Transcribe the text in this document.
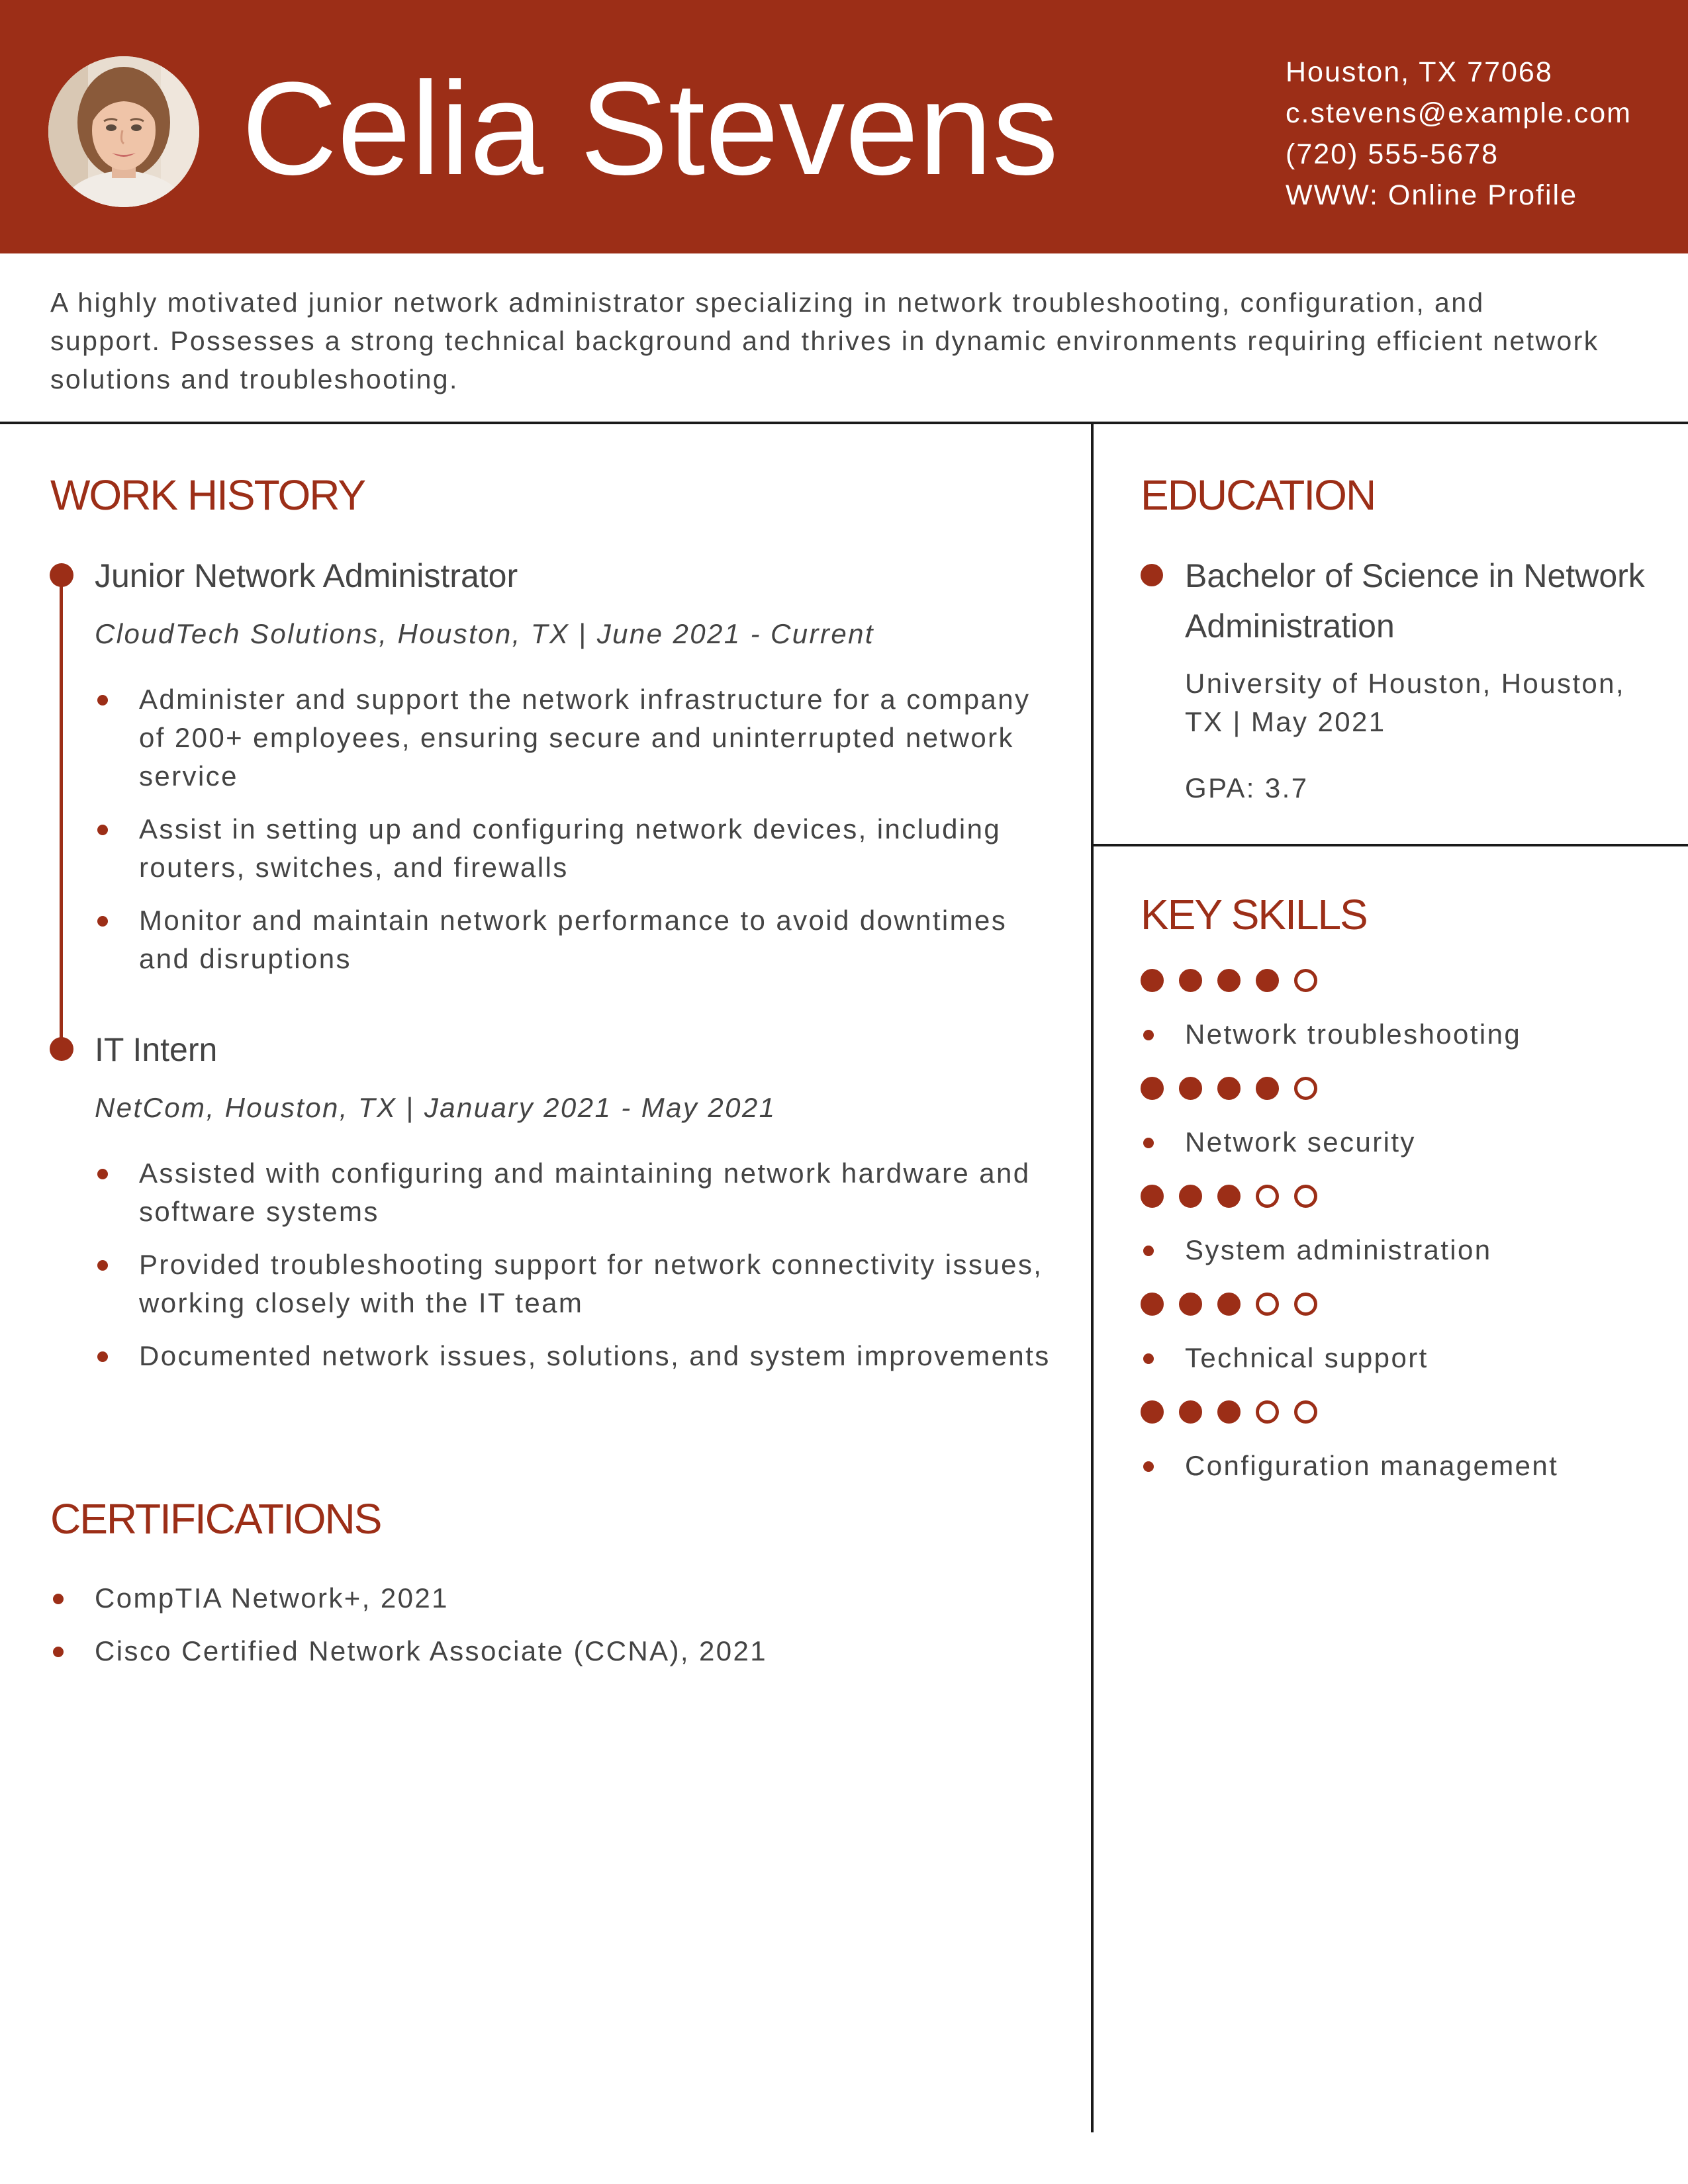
Celia Stevens	Houston, TX 77068
c.stevens@example.com
(720) 555-5678
WWW: Online Profile

A highly motivated junior network administrator specializing in network troubleshooting, configuration, and support. Possesses a strong technical background and thrives in dynamic environments requiring efficient network solutions and troubleshooting.

WORK HISTORY
Junior Network Administrator
CloudTech Solutions, Houston, TX | June 2021 - Current
Administer and support the network infrastructure for a company of 200+ employees, ensuring secure and uninterrupted network service
Assist in setting up and configuring network devices, including routers, switches, and firewalls
Monitor and maintain network performance to avoid downtimes and disruptions
IT Intern
NetCom, Houston, TX | January 2021 - May 2021
Assisted with configuring and maintaining network hardware and software systems
Provided troubleshooting support for network connectivity issues, working closely with the IT team
Documented network issues, solutions, and system improvements
CERTIFICATIONS
CompTIA Network+, 2021
Cisco Certified Network Associate (CCNA), 2021
EDUCATION
Bachelor of Science in Network Administration
University of Houston, Houston, TX | May 2021
GPA: 3.7
KEY SKILLS
Network troubleshooting
Network security
System administration
Technical support
Configuration management
